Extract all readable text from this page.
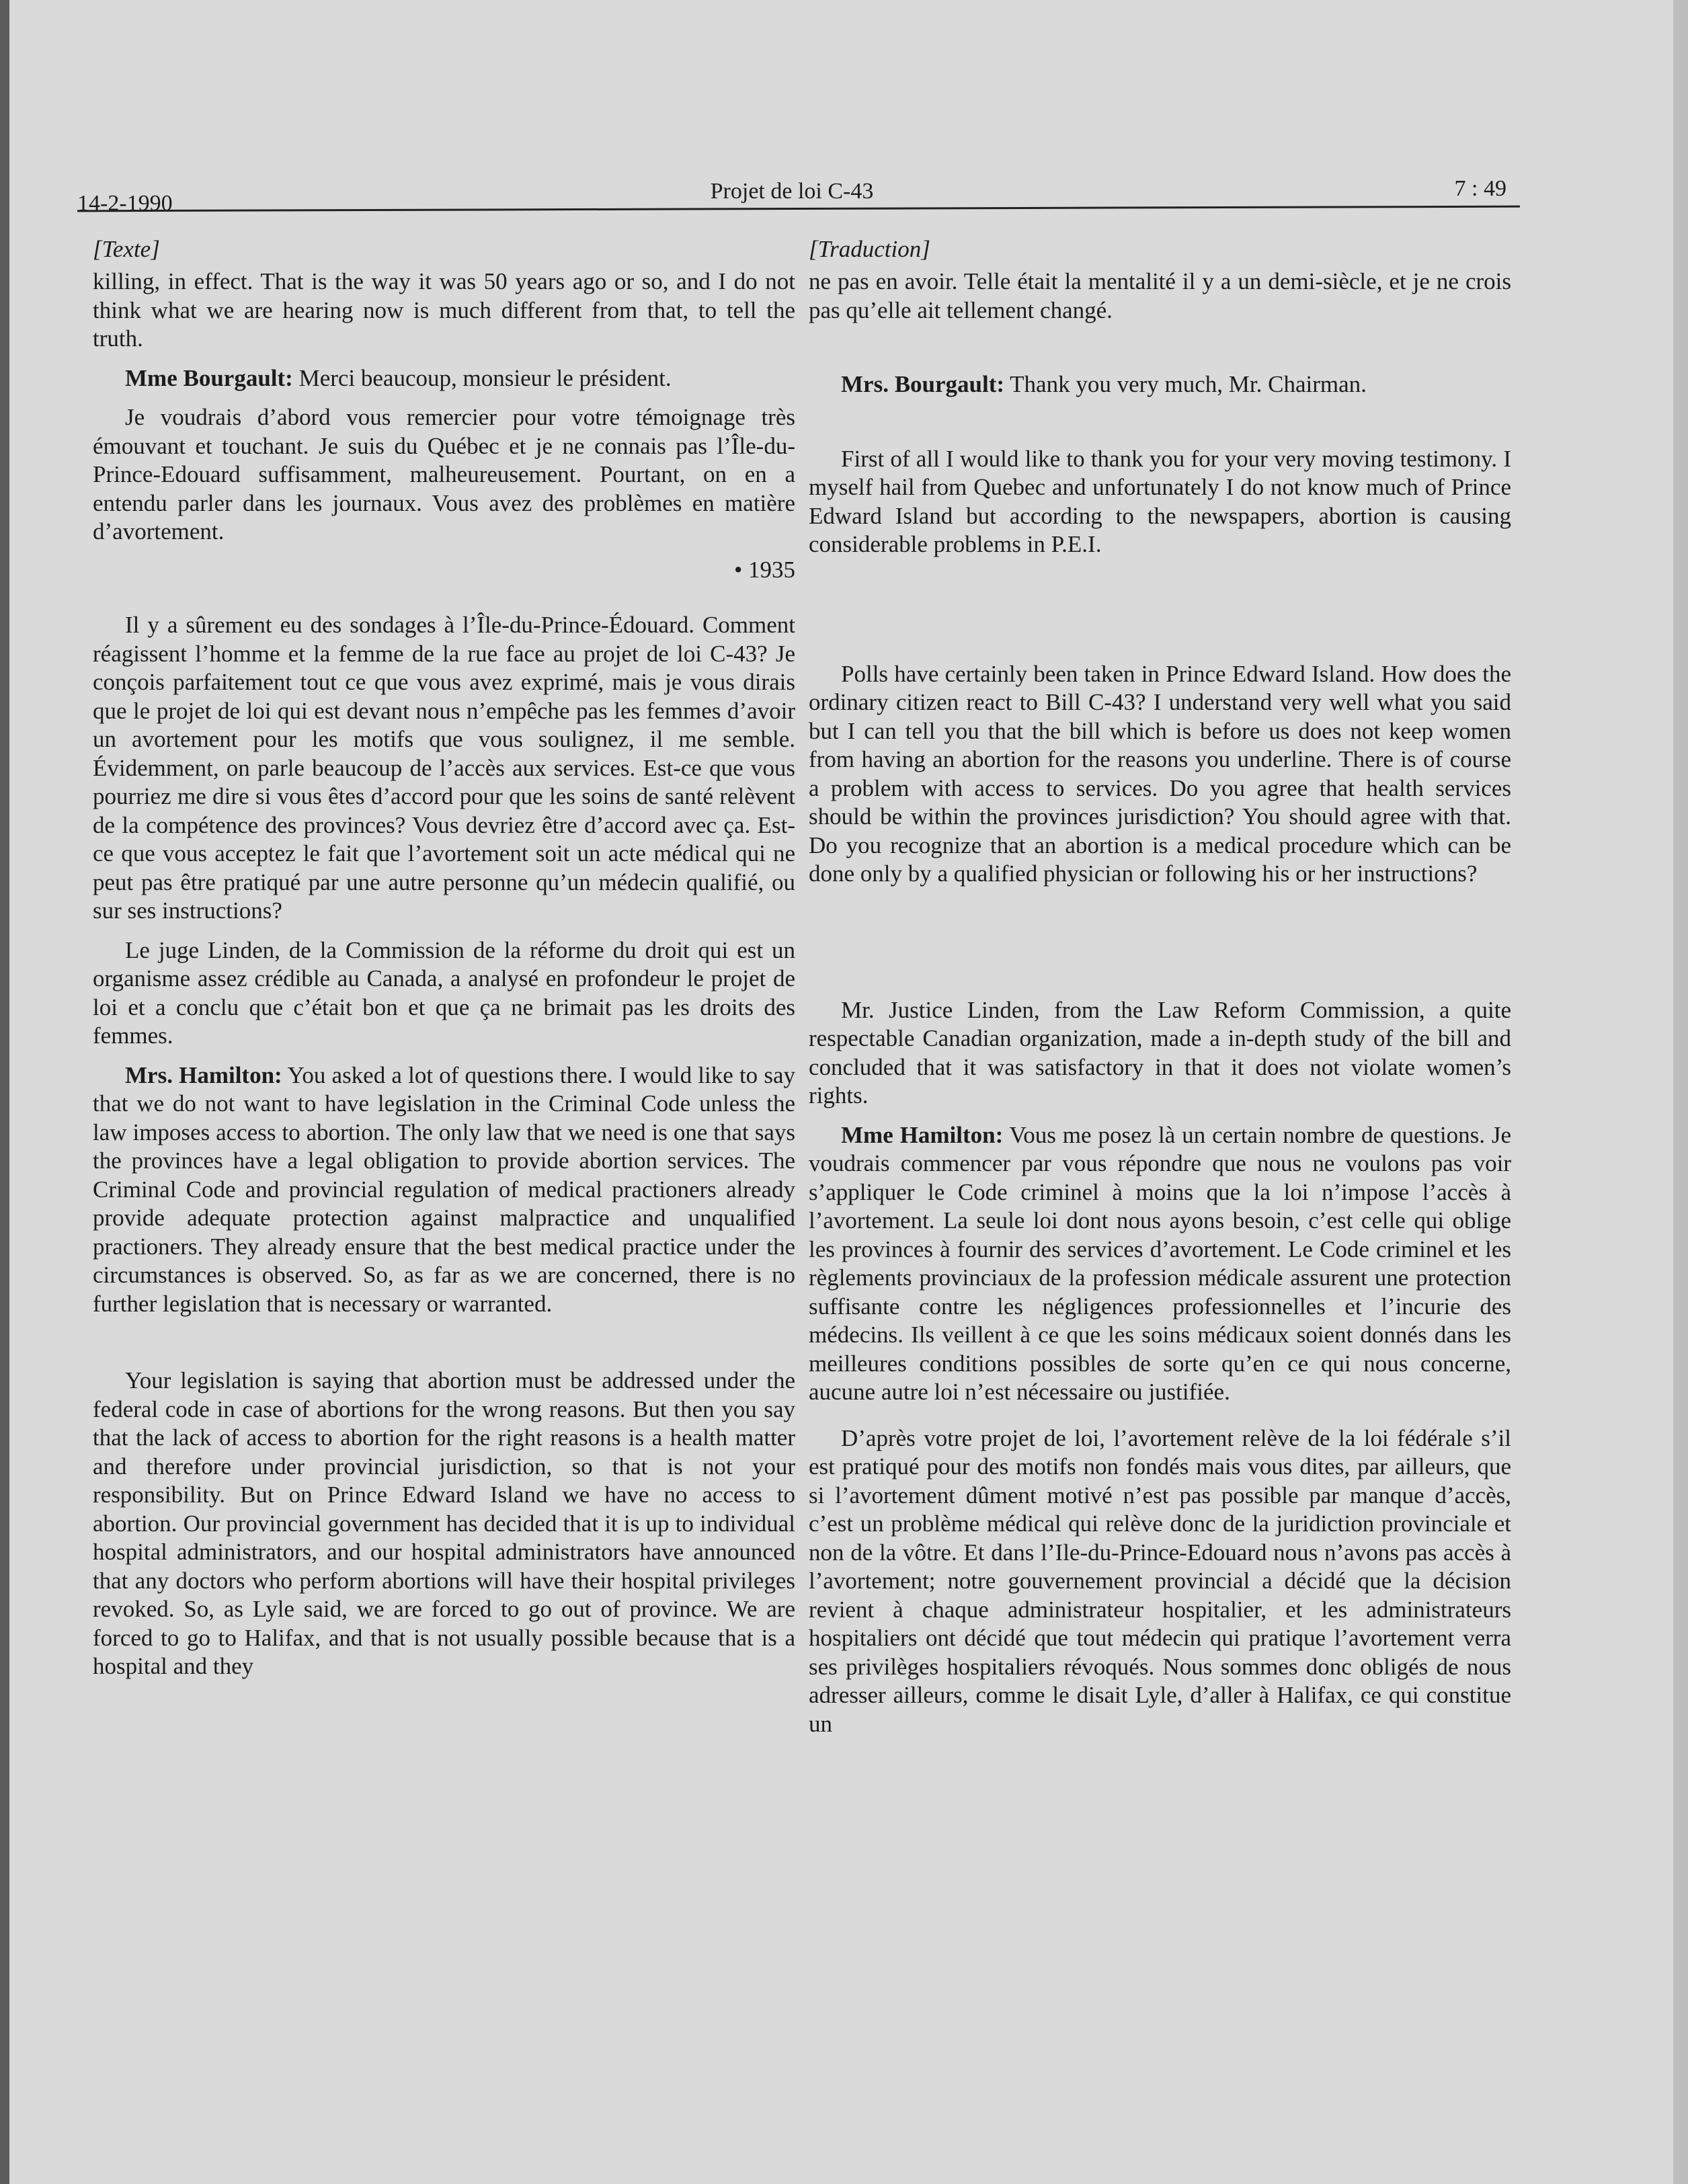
14-2-1990	Projet de loi C-43	7 : 49
[Texte]

killing, in effect. That is the way it was 50 years ago or so, and I do not think what we are hearing now is much different from that, to tell the truth.

Mme Bourgault: Merci beaucoup, monsieur le président.

Je voudrais d’abord vous remercier pour votre témoignage très émouvant et touchant. Je suis du Québec et je ne connais pas l’Île-du-Prince-Edouard suffisamment, malheureusement. Pourtant, on en a entendu parler dans les journaux. Vous avez des problèmes en matière d’avortement.

• 1935

Il y a sûrement eu des sondages à l’Île-du-Prince-Édouard. Comment réagissent l’homme et la femme de la rue face au projet de loi C-43? Je conçois parfaitement tout ce que vous avez exprimé, mais je vous dirais que le projet de loi qui est devant nous n’empêche pas les femmes d’avoir un avortement pour les motifs que vous soulignez, il me semble. Évidemment, on parle beaucoup de l’accès aux services. Est-ce que vous pourriez me dire si vous êtes d’accord pour que les soins de santé relèvent de la compétence des provinces? Vous devriez être d’accord avec ça. Est-ce que vous acceptez le fait que l’avortement soit un acte médical qui ne peut pas être pratiqué par une autre personne qu’un médecin qualifié, ou sur ses instructions?

Le juge Linden, de la Commission de la réforme du droit qui est un organisme assez crédible au Canada, a analysé en profondeur le projet de loi et a conclu que c’était bon et que ça ne brimait pas les droits des femmes.

Mrs. Hamilton: You asked a lot of questions there. I would like to say that we do not want to have legislation in the Criminal Code unless the law imposes access to abortion. The only law that we need is one that says the provinces have a legal obligation to provide abortion services. The Criminal Code and provincial regulation of medical practioners already provide adequate protection against malpractice and unqualified practioners. They already ensure that the best medical practice under the circumstances is observed. So, as far as we are concerned, there is no further legislation that is necessary or warranted.

Your legislation is saying that abortion must be addressed under the federal code in case of abortions for the wrong reasons. But then you say that the lack of access to abortion for the right reasons is a health matter and therefore under provincial jurisdiction, so that is not your responsibility. But on Prince Edward Island we have no access to abortion. Our provincial government has decided that it is up to individual hospital administrators, and our hospital administrators have announced that any doctors who perform abortions will have their hospital privileges revoked. So, as Lyle said, we are forced to go out of province. We are forced to go to Halifax, and that is not usually possible because that is a hospital and they

[Traduction]

ne pas en avoir. Telle était la mentalité il y a un demi-siècle, et je ne crois pas qu’elle ait tellement changé.

Mrs. Bourgault: Thank you very much, Mr. Chairman.

First of all I would like to thank you for your very moving testimony. I myself hail from Quebec and unfortunately I do not know much of Prince Edward Island but according to the newspapers, abortion is causing considerable problems in P.E.I.

Polls have certainly been taken in Prince Edward Island. How does the ordinary citizen react to Bill C-43? I understand very well what you said but I can tell you that the bill which is before us does not keep women from having an abortion for the reasons you underline. There is of course a problem with access to services. Do you agree that health services should be within the provinces jurisdiction? You should agree with that. Do you recognize that an abortion is a medical procedure which can be done only by a qualified physician or following his or her instructions?

Mr. Justice Linden, from the Law Reform Commission, a quite respectable Canadian organization, made a in-depth study of the bill and concluded that it was satisfactory in that it does not violate women’s rights.

Mme Hamilton: Vous me posez là un certain nombre de questions. Je voudrais commencer par vous répondre que nous ne voulons pas voir s’appliquer le Code criminel à moins que la loi n’impose l’accès à l’avortement. La seule loi dont nous ayons besoin, c’est celle qui oblige les provinces à fournir des services d’avortement. Le Code criminel et les règlements provinciaux de la profession médicale assurent une protection suffisante contre les négligences professionnelles et l’incurie des médecins. Ils veillent à ce que les soins médicaux soient donnés dans les meilleures conditions possibles de sorte qu’en ce qui nous concerne, aucune autre loi n’est nécessaire ou justifiée.

D’après votre projet de loi, l’avortement relève de la loi fédérale s’il est pratiqué pour des motifs non fondés mais vous dites, par ailleurs, que si l’avortement dûment motivé n’est pas possible par manque d’accès, c’est un problème médical qui relève donc de la juridiction provinciale et non de la vôtre. Et dans l’Ile-du-Prince-Edouard nous n’avons pas accès à l’avortement; notre gouvernement provincial a décidé que la décision revient à chaque administrateur hospitalier, et les administrateurs hospitaliers ont décidé que tout médecin qui pratique l’avortement verra ses privilèges hospitaliers révoqués. Nous sommes donc obligés de nous adresser ailleurs, comme le disait Lyle, d’aller à Halifax, ce qui constitue un
